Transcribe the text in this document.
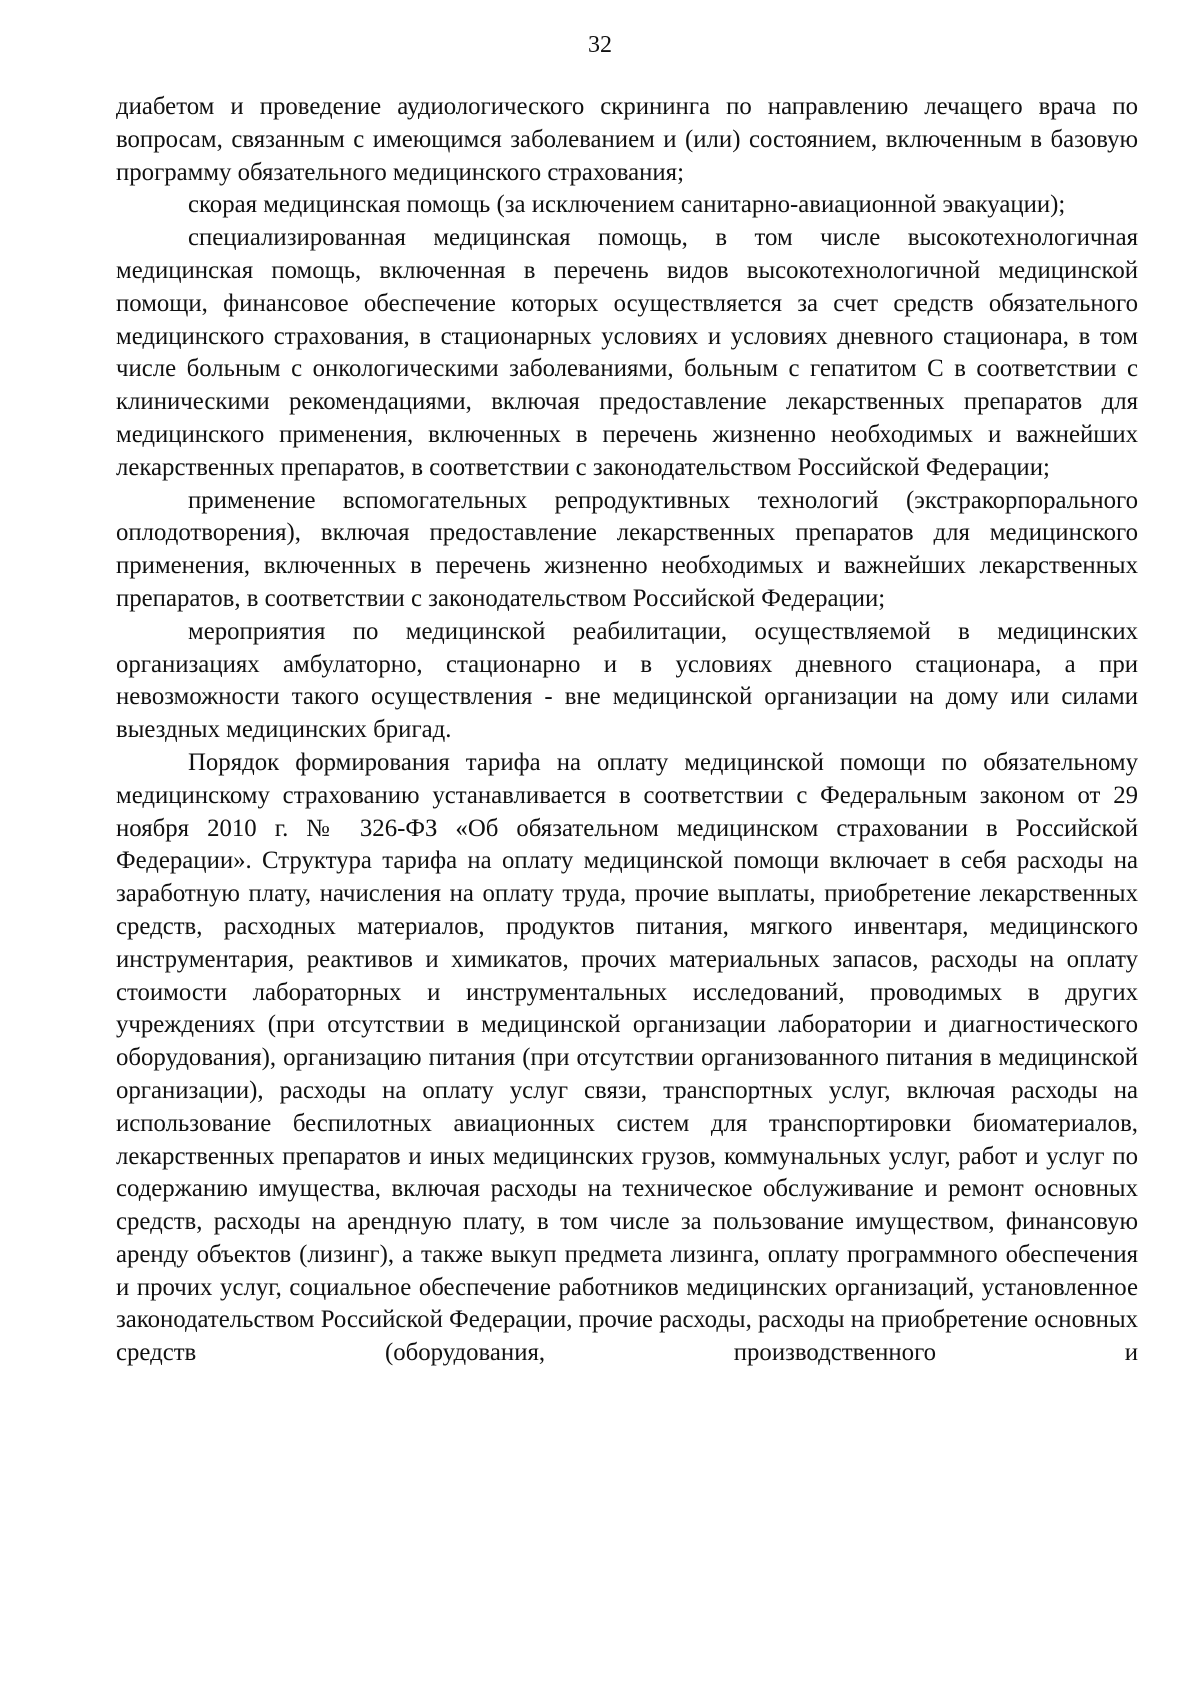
32

диабетом и проведение аудиологического скрининга по направлению лечащего врача по вопросам, связанным с имеющимся заболеванием и (или) состоянием, включенным в базовую программу обязательного медицинского страхования;

скорая медицинская помощь (за исключением санитарно-авиационной эвакуации);

специализированная медицинская помощь, в том числе высокотехнологичная медицинская помощь, включенная в перечень видов высокотехнологичной медицинской помощи, финансовое обеспечение которых осуществляется за счет средств обязательного медицинского страхования, в стационарных условиях и условиях дневного стационара, в том числе больным с онкологическими заболеваниями, больным с гепатитом С в соответствии с клиническими рекомендациями, включая предоставление лекарственных препаратов для медицинского применения, включенных в перечень жизненно необходимых и важнейших лекарственных препаратов, в соответствии с законодательством Российской Федерации;

применение вспомогательных репродуктивных технологий (экстракорпорального оплодотворения), включая предоставление лекарственных препаратов для медицинского применения, включенных в перечень жизненно необходимых и важнейших лекарственных препаратов, в соответствии с законодательством Российской Федерации;

мероприятия по медицинской реабилитации, осуществляемой в медицинских организациях амбулаторно, стационарно и в условиях дневного стационара, а при невозможности такого осуществления - вне медицинской организации на дому или силами выездных медицинских бригад.

Порядок формирования тарифа на оплату медицинской помощи по обязательному медицинскому страхованию устанавливается в соответствии с Федеральным законом от 29 ноября 2010 г. № 326-ФЗ «Об обязательном медицинском страховании в Российской Федерации». Структура тарифа на оплату медицинской помощи включает в себя расходы на заработную плату, начисления на оплату труда, прочие выплаты, приобретение лекарственных средств, расходных материалов, продуктов питания, мягкого инвентаря, медицинского инструментария, реактивов и химикатов, прочих материальных запасов, расходы на оплату стоимости лабораторных и инструментальных исследований, проводимых в других учреждениях (при отсутствии в медицинской организации лаборатории и диагностического оборудования), организацию питания (при отсутствии организованного питания в медицинской организации), расходы на оплату услуг связи, транспортных услуг, включая расходы на использование беспилотных авиационных систем для транспортировки биоматериалов, лекарственных препаратов и иных медицинских грузов, коммунальных услуг, работ и услуг по содержанию имущества, включая расходы на техническое обслуживание и ремонт основных средств, расходы на арендную плату, в том числе за пользование имуществом, финансовую аренду объектов (лизинг), а также выкуп предмета лизинга, оплату программного обеспечения и прочих услуг, социальное обеспечение работников медицинских организаций, установленное законодательством Российской Федерации, прочие расходы, расходы на приобретение основных средств (оборудования, производственного и
